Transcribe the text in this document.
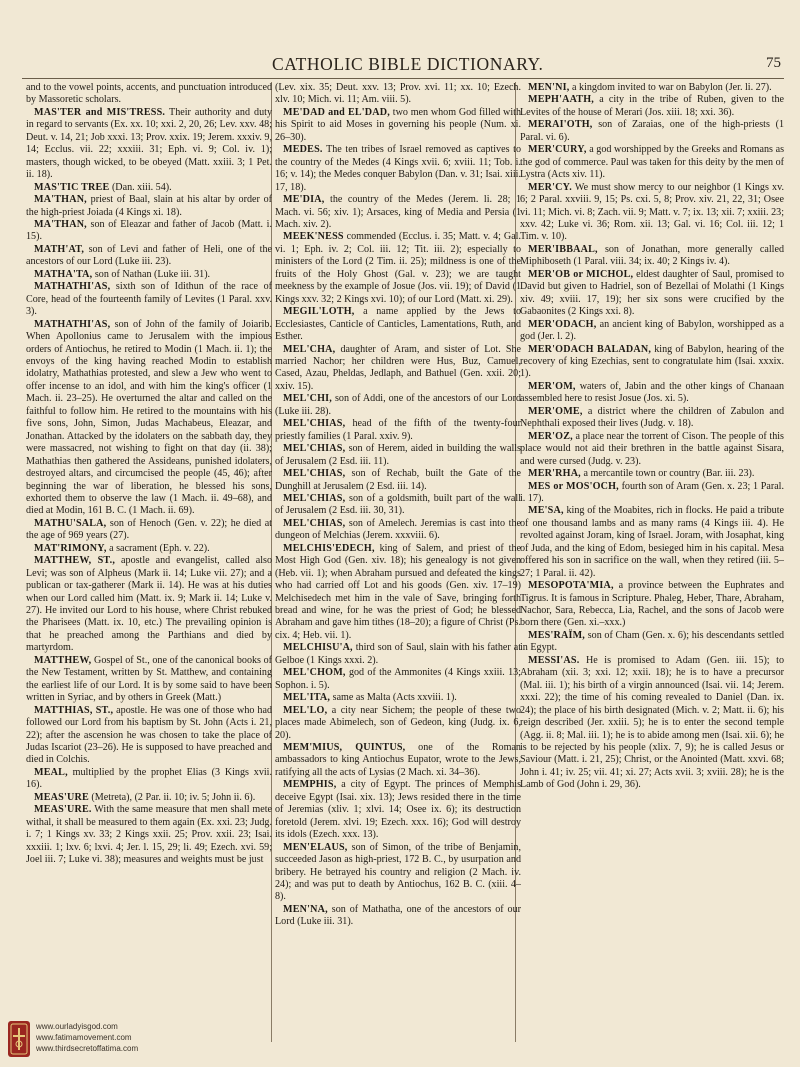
CATHOLIC BIBLE DICTIONARY.	75

and to the vowel points, accents, and punctuation introduced by Massoretic scholars.

MAS'TER and MIS'TRESS. Their authority and duty in regard to servants (Ex. xx. 10; xxi. 2, 20, 26; Lev. xxv. 48; Deut. v. 14, 21; Job xxxi. 13; Prov. xxix. 19; Jerem. xxxiv. 9, 14; Ecclus. vii. 22; xxxiii. 31; Eph. vi. 9; Col. iv. 1); masters, though wicked, to be obeyed (Matt. xxiii. 3; 1 Pet. ii. 18).

MAS'TIC TREE (Dan. xiii. 54).

MA'THAN, priest of Baal, slain at his altar by order of the high-priest Joiada (4 Kings xi. 18).

MA'THAN, son of Eleazar and father of Jacob (Matt. i. 15).

MATH'AT, son of Levi and father of Heli, one of the ancestors of our Lord (Luke iii. 23).

MATHA'TA, son of Nathan (Luke iii. 31).

MATHATHI'AS, sixth son of Idithun of the race of Core, head of the fourteenth family of Levites (1 Paral. xxv. 3).

MATHATHI'AS, son of John of the family of Joiarib. When Apollonius came to Jerusalem with the impious orders of Antiochus, he retired to Modin (1 Mach. ii. 1); the envoys of the king having reached Modin to establish idolatry, Mathathias protested, and slew a Jew who went to offer incense to an idol, and with him the king's officer (1 Mach. ii. 23–25). He overturned the altar and called on the faithful to follow him. He retired to the mountains with his five sons, John, Simon, Judas Machabeus, Eleazar, and Jonathan. Attacked by the idolaters on the sabbath day, they were massacred, not wishing to fight on that day (ii. 38); Mathathias then gathered the Assideans, punished idolaters, destroyed altars, and circumcised the people (45, 46); after beginning the war of liberation, he blessed his sons, exhorted them to observe the law (1 Mach. ii. 49–68), and died at Modin, 161 B. C. (1 Mach. ii. 69).

MATHU'SALA, son of Henoch (Gen. v. 22); he died at the age of 969 years (27).

MAT'RIMONY, a sacrament (Eph. v. 22).

MATTHEW, ST., apostle and evangelist, called also Levi; was son of Alpheus (Mark ii. 14; Luke vii. 27); and a publican or tax-gatherer (Mark ii. 14). He was at his duties when our Lord called him (Matt. ix. 9; Mark ii. 14; Luke v. 27). He invited our Lord to his house, where Christ rebuked the Pharisees (Matt. ix. 10, etc.) The prevailing opinion is that he preached among the Parthians and died by martyrdom.

MATTHEW, Gospel of St., one of the canonical books of the New Testament, written by St. Matthew, and containing the earliest life of our Lord. It is by some said to have been written in Syriac, and by others in Greek (Matt.)

MATTHIAS, ST., apostle. He was one of those who had followed our Lord from his baptism by St. John (Acts i. 21, 22); after the ascension he was chosen to take the place of Judas Iscariot (23–26). He is supposed to have preached and died in Colchis.

MEAL, multiplied by the prophet Elias (3 Kings xvii. 16).

MEAS'URE (Metreta), (2 Par. ii. 10; iv. 5; John ii. 6).

MEAS'URE. With the same measure that men shall mete withal, it shall be measured to them again (Ex. xxi. 23; Judg. i. 7; 1 Kings xv. 33; 2 Kings xxii. 25; Prov. xxii. 23; Isai. xxxiii. 1; lxv. 6; lxvi. 4; Jer. l. 15, 29; li. 49; Ezech. xvi. 59; Joel iii. 7; Luke vi. 38); measures and weights must be just

(Lev. xix. 35; Deut. xxv. 13; Prov. xvi. 11; xx. 10; Ezech. xlv. 10; Mich. vi. 11; Am. viii. 5).

ME'DAD and EL'DAD, two men whom God filled with his Spirit to aid Moses in governing his people (Num. xi. 26–30).

MEDES. The ten tribes of Israel removed as captives to the country of the Medes (4 Kings xvii. 6; xviii. 11; Tob. i. 16; v. 14); the Medes conquer Babylon (Dan. v. 31; Isai. xiii. 17, 18).

ME'DIA, the country of the Medes (Jerem. li. 28; 1 Mach. vi. 56; xiv. 1); Arsaces, king of Media and Persia (1 Mach. xiv. 2).

MEEK'NESS commended (Ecclus. i. 35; Matt. v. 4; Gal. vi. 1; Eph. iv. 2; Col. iii. 12; Tit. iii. 2); especially to ministers of the Lord (2 Tim. ii. 25); mildness is one of the fruits of the Holy Ghost (Gal. v. 23); we are taught meekness by the example of Josue (Jos. vii. 19); of David (1 Kings xxv. 32; 2 Kings xvi. 10); of our Lord (Matt. xi. 29).

MEGIL'LOTH, a name applied by the Jews to Ecclesiastes, Canticle of Canticles, Lamentations, Ruth, and Esther.

MEL'CHA, daughter of Aram, and sister of Lot. She married Nachor; her children were Hus, Buz, Camuel, Cased, Azau, Pheldas, Jedlaph, and Bathuel (Gen. xxii. 20; xxiv. 15).

MEL'CHI, son of Addi, one of the ancestors of our Lord (Luke iii. 28).

MEL'CHIAS, head of the fifth of the twenty-four priestly families (1 Paral. xxiv. 9).

MEL'CHIAS, son of Herem, aided in building the walls of Jerusalem (2 Esd. iii. 11).

MEL'CHIAS, son of Rechab, built the Gate of the Dunghill at Jerusalem (2 Esd. iii. 14).

MEL'CHIAS, son of a goldsmith, built part of the wall of Jerusalem (2 Esd. iii. 30, 31).

MEL'CHIAS, son of Amelech. Jeremias is cast into the dungeon of Melchias (Jerem. xxxviii. 6).

MELCHIS'EDECH, king of Salem, and priest of the Most High God (Gen. xiv. 18); his genealogy is not given (Heb. vii. 1); when Abraham pursued and defeated the kings who had carried off Lot and his goods (Gen. xiv. 17–19) Melchisedech met him in the vale of Save, bringing forth bread and wine, for he was the priest of God; he blessed Abraham and gave him tithes (18–20); a figure of Christ (Ps. cix. 4; Heb. vii. 1).

MELCHISU'A, third son of Saul, slain with his father at Gelboe (1 Kings xxxi. 2).

MEL'CHOM, god of the Ammonites (4 Kings xxiii. 13; Sophon. i. 5).

MEL'ITA, same as Malta (Acts xxviii. 1).

MEL'LO, a city near Sichem; the people of these two places made Abimelech, son of Gedeon, king (Judg. ix. 6, 20).

MEM'MIUS, QUINTUS, one of the Roman ambassadors to king Antiochus Eupator, wrote to the Jews, ratifying all the acts of Lysias (2 Mach. xi. 34–36).

MEMPHIS, a city of Egypt. The princes of Memphis deceive Egypt (Isai. xix. 13); Jews resided there in the time of Jeremias (xliv. 1; xlvi. 14; Osee ix. 6); its destruction foretold (Jerem. xlvi. 19; Ezech. xxx. 16); God will destroy its idols (Ezech. xxx. 13).

MEN'ELAUS, son of Simon, of the tribe of Benjamin, succeeded Jason as high-priest, 172 B. C., by usurpation and bribery. He betrayed his country and religion (2 Mach. iv. 24); and was put to death by Antiochus, 162 B. C. (xiii. 4–8).

MEN'NA, son of Mathatha, one of the ancestors of our Lord (Luke iii. 31).

MEN'NI, a kingdom invited to war on Babylon (Jer. li. 27).

MEPH'AATH, a city in the tribe of Ruben, given to the Levites of the house of Merari (Jos. xiii. 18; xxi. 36).

MERAI'OTH, son of Zaraias, one of the high-priests (1 Paral. vi. 6).

MER'CURY, a god worshipped by the Greeks and Romans as the god of commerce. Paul was taken for this deity by the men of Lystra (Acts xiv. 11).

MER'CY. We must show mercy to our neighbor (1 Kings xv. 6; 2 Paral. xxviii. 9, 15; Ps. cxi. 5, 8; Prov. xiv. 21, 22, 31; Osee vi. 11; Mich. vi. 8; Zach. vii. 9; Matt. v. 7; ix. 13; xii. 7; xxiii. 23; xxv. 42; Luke vi. 36; Rom. xii. 13; Gal. vi. 16; Col. iii. 12; 1 Tim. v. 10).

MER'IBBAAL, son of Jonathan, more generally called Miphiboseth (1 Paral. viii. 34; ix. 40; 2 Kings iv. 4).

MER'OB or MICHOL, eldest daughter of Saul, promised to David but given to Hadriel, son of Bezellai of Molathi (1 Kings xiv. 49; xviii. 17, 19); her six sons were crucified by the Gabaonites (2 Kings xxi. 8).

MER'ODACH, an ancient king of Babylon, worshipped as a god (Jer. l. 2).

MER'ODACH BALADAN, king of Babylon, hearing of the recovery of king Ezechias, sent to congratulate him (Isai. xxxix. 1).

MER'OM, waters of, Jabin and the other kings of Chanaan assembled here to resist Josue (Jos. xi. 5).

MER'OME, a district where the children of Zabulon and Nephthali exposed their lives (Judg. v. 18).

MER'OZ, a place near the torrent of Cison. The people of this place would not aid their brethren in the battle against Sisara, and were cursed (Judg. v. 23).

MER'RHA, a mercantile town or country (Bar. iii. 23).

MES or MOS'OCH, fourth son of Aram (Gen. x. 23; 1 Paral. i. 17).

ME'SA, king of the Moabites, rich in flocks. He paid a tribute of one thousand lambs and as many rams (4 Kings iii. 4). He revolted against Joram, king of Israel. Joram, with Josaphat, king of Juda, and the king of Edom, besieged him in his capital. Mesa offered his son in sacrifice on the wall, when they retired (iii. 5–27; 1 Paral. ii. 42).

MESOPOTA'MIA, a province between the Euphrates and Tigrus. It is famous in Scripture. Phaleg, Heber, Thare, Abraham, Nachor, Sara, Rebecca, Lia, Rachel, and the sons of Jacob were born there (Gen. xi.–xxx.)

MES'RAÏM, son of Cham (Gen. x. 6); his descendants settled in Egypt.

MESSI'AS. He is promised to Adam (Gen. iii. 15); to Abraham (xii. 3; xxi. 12; xxii. 18); he is to have a precursor (Mal. iii. 1); his birth of a virgin announced (Isai. vii. 14; Jerem. xxxi. 22); the time of his coming revealed to Daniel (Dan. ix. 24); the place of his birth designated (Mich. v. 2; Matt. ii. 6); his reign described (Jer. xxiii. 5); he is to enter the second temple (Agg. ii. 8; Mal. iii. 1); he is to abide among men (Isai. xii. 6); he is to be rejected by his people (xlix. 7, 9); he is called Jesus or Saviour (Matt. i. 21, 25); Christ, or the Anointed (Matt. xxvi. 68; John i. 41; iv. 25; vii. 41; xi. 27; Acts xvii. 3; xviii. 28); he is the Lamb of God (John i. 29, 36).

www.ourladyisgod.com
www.fatimamovement.com
www.thirdsecretoffatima.com
